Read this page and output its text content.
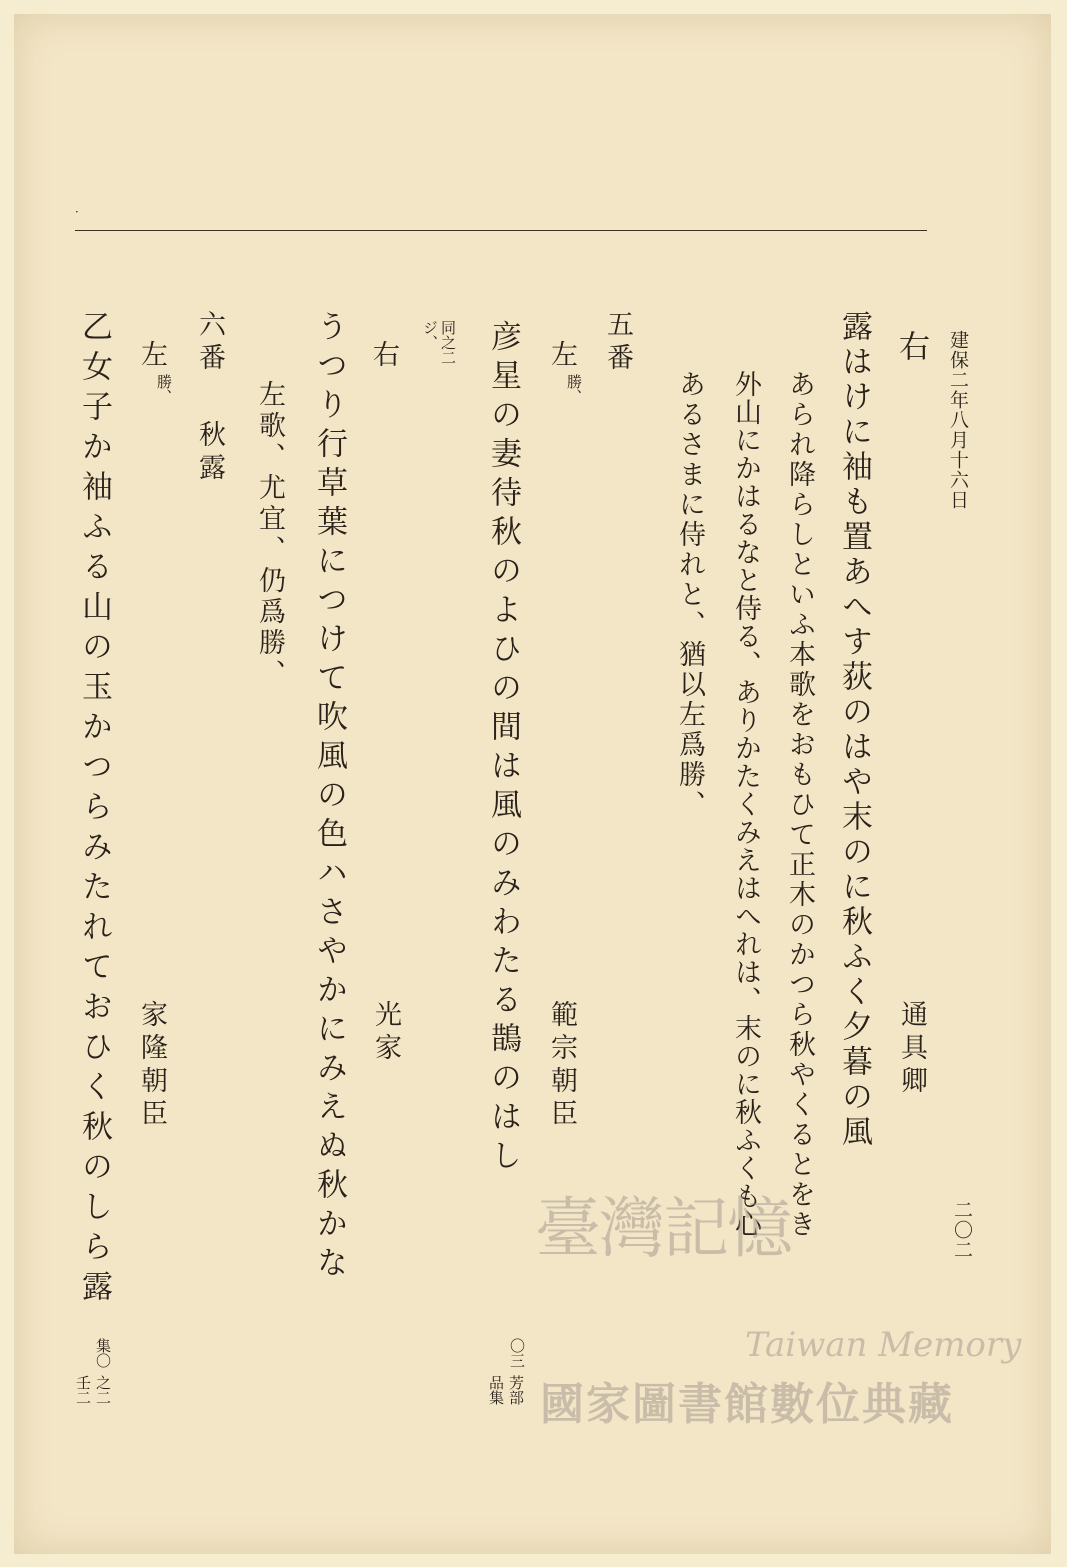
·
建保二年八月十六日
二〇二
右
通具卿
露はけに袖も置あへす荻のはや末のに秋ふく夕暮の風
あられ降らしといふ本歌をおもひて正木のかつら秋やくるとをき
外山にかはるなと侍る、ありかたくみえはへれは、末のに秋ふくも心
あるさまに侍れと、猶以左爲勝、
五番
左
勝、
範宗朝臣
彦星の妻待秋のよひの間は風のみわたる鵲のはし
〇三
品集 芳部
同之二
ジ、
右
光家
うつり行草葉につけて吹風の色ハさやかにみえぬ秋かな
左歌、尤宜、仍爲勝、
六番
秋露
左
勝、
家隆朝臣
乙女子か袖ふる山の玉かつらみたれておひく秋のしら露
集〇
之二
壬二
臺灣記憶
Taiwan Memory
國家圖書館數位典藏
